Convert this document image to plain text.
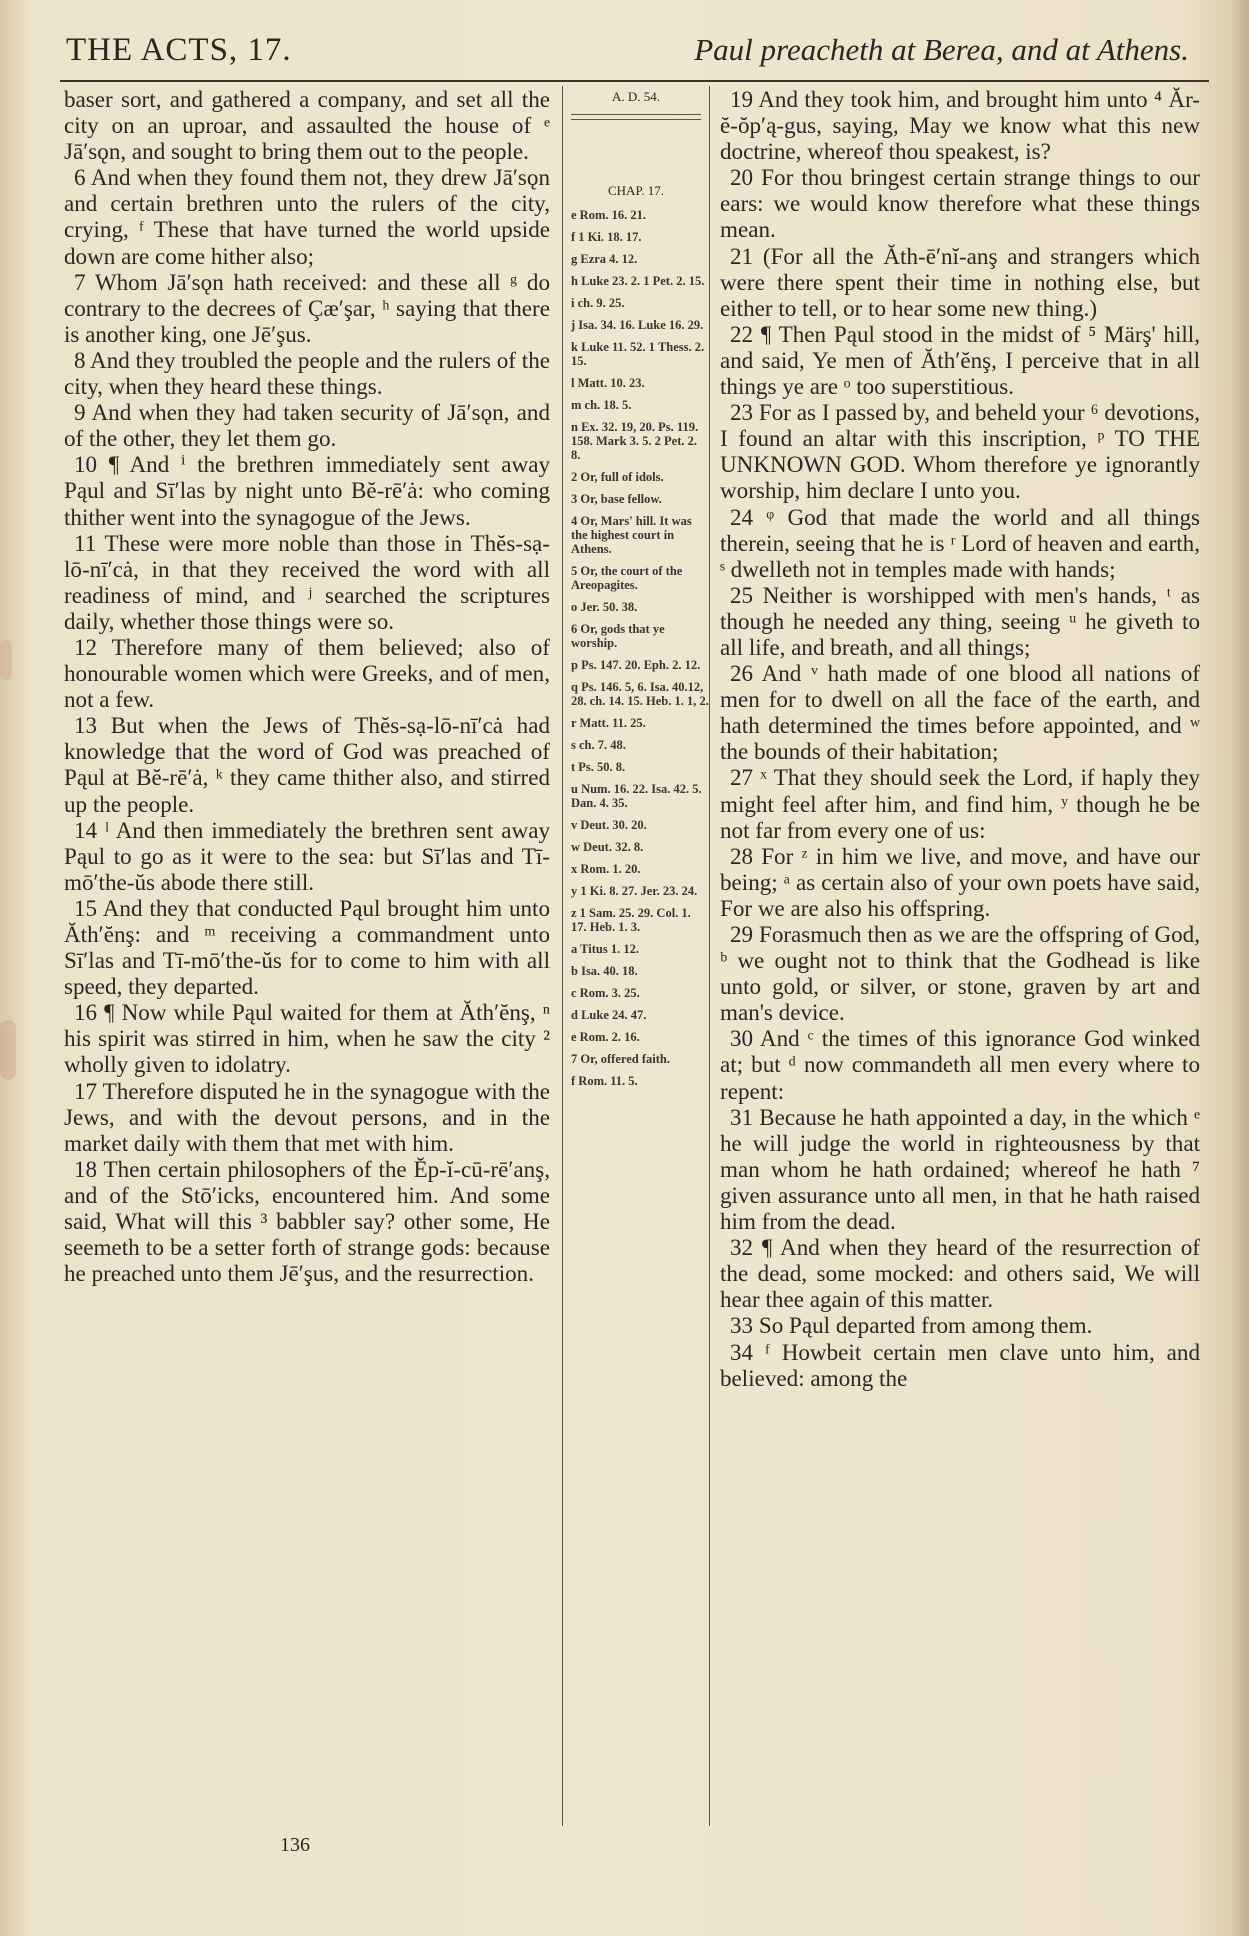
THE ACTS, 17.	Paul preacheth at Berea, and at Athens.

baser sort, and gathered a company, and set all the city on an uproar, and assaulted the house of ᵉ Jā′sǫn, and sought to bring them out to the people.

6 And when they found them not, they drew Jā′sǫn and certain brethren unto the rulers of the city, crying, ᶠ These that have turned the world upside down are come hither also;

7 Whom Jā′sǫn hath received: and these all ᵍ do contrary to the decrees of Çæ′şar, ʰ saying that there is another king, one Jē′şus.

8 And they troubled the people and the rulers of the city, when they heard these things.

9 And when they had taken security of Jā′sǫn, and of the other, they let them go.

10 ¶ And ⁱ the brethren immediately sent away Pąul and Sī′las by night unto Bĕ-rē′ȧ: who coming thither went into the synagogue of the Jews.

11 These were more noble than those in Thĕs-sạ-lō-nī′cȧ, in that they received the word with all readiness of mind, and ʲ searched the scriptures daily, whether those things were so.

12 Therefore many of them believed; also of honourable women which were Greeks, and of men, not a few.

13 But when the Jews of Thĕs-sạ-lō-nī′cȧ had knowledge that the word of God was preached of Pąul at Bĕ-rē′ȧ, ᵏ they came thither also, and stirred up the people.

14 ˡ And then immediately the brethren sent away Pąul to go as it were to the sea: but Sī′las and Tī-mō′the-ŭs abode there still.

15 And they that conducted Pąul brought him unto Ăth′ĕnş: and ᵐ receiving a commandment unto Sī′las and Tī-mō′the-ŭs for to come to him with all speed, they departed.

16 ¶ Now while Pąul waited for them at Ăth′ĕnş, ⁿ his spirit was stirred in him, when he saw the city ² wholly given to idolatry.

17 Therefore disputed he in the synagogue with the Jews, and with the devout persons, and in the market daily with them that met with him.

18 Then certain philosophers of the Ĕp-ĭ-cū-rē′anş, and of the Stō′icks, encountered him. And some said, What will this ³ babbler say? other some, He seemeth to be a setter forth of strange gods: because he preached unto them Jē′şus, and the resurrection.

A. D. 54.
CHAP. 17.
e Rom. 16. 21.
f 1 Ki. 18. 17.
g Ezra 4. 12.
h Luke 23. 2. 1 Pet. 2. 15.
i ch. 9. 25.
j Isa. 34. 16. Luke 16. 29.
k Luke 11. 52. 1 Thess. 2. 15.
l Matt. 10. 23.
m ch. 18. 5.
n Ex. 32. 19, 20. Ps. 119. 158. Mark 3. 5. 2 Pet. 2. 8.
2 Or, full of idols.
3 Or, base fellow.
4 Or, Mars' hill. It was the highest court in Athens.
5 Or, the court of the Areopagites.
o Jer. 50. 38.
6 Or, gods that ye worship.
p Ps. 147. 20. Eph. 2. 12.
q Ps. 146. 5, 6. Isa. 40.12, 28. ch. 14. 15. Heb. 1. 1, 2.
r Matt. 11. 25.
s ch. 7. 48.
t Ps. 50. 8.
u Num. 16. 22. Isa. 42. 5. Dan. 4. 35.
v Deut. 30. 20.
w Deut. 32. 8.
x Rom. 1. 20.
y 1 Ki. 8. 27. Jer. 23. 24.
z 1 Sam. 25. 29. Col. 1. 17. Heb. 1. 3.
a Titus 1. 12.
b Isa. 40. 18.
c Rom. 3. 25.
d Luke 24. 47.
e Rom. 2. 16.
7 Or, offered faith.
f Rom. 11. 5.

19 And they took him, and brought him unto ⁴ Ăr-ĕ-ŏp′ą-gus, saying, May we know what this new doctrine, whereof thou speakest, is?

20 For thou bringest certain strange things to our ears: we would know therefore what these things mean.

21 (For all the Ăth-ē′nĭ-anş and strangers which were there spent their time in nothing else, but either to tell, or to hear some new thing.)

22 ¶ Then Pąul stood in the midst of ⁵ Märş' hill, and said, Ye men of Ăth′ĕnş, I perceive that in all things ye are ᵒ too superstitious.

23 For as I passed by, and beheld your ⁶ devotions, I found an altar with this inscription, ᵖ TO THE UNKNOWN GOD. Whom therefore ye ignorantly worship, him declare I unto you.

24 ᵠ God that made the world and all things therein, seeing that he is ʳ Lord of heaven and earth, ˢ dwelleth not in temples made with hands;

25 Neither is worshipped with men's hands, ᵗ as though he needed any thing, seeing ᵘ he giveth to all life, and breath, and all things;

26 And ᵛ hath made of one blood all nations of men for to dwell on all the face of the earth, and hath determined the times before appointed, and ʷ the bounds of their habitation;

27 ˣ That they should seek the Lord, if haply they might feel after him, and find him, ʸ though he be not far from every one of us:

28 For ᶻ in him we live, and move, and have our being; ᵃ as certain also of your own poets have said, For we are also his offspring.

29 Forasmuch then as we are the offspring of God, ᵇ we ought not to think that the Godhead is like unto gold, or silver, or stone, graven by art and man's device.

30 And ᶜ the times of this ignorance God winked at; but ᵈ now commandeth all men every where to repent:

31 Because he hath appointed a day, in the which ᵉ he will judge the world in righteousness by that man whom he hath ordained; whereof he hath ⁷ given assurance unto all men, in that he hath raised him from the dead.

32 ¶ And when they heard of the resurrection of the dead, some mocked: and others said, We will hear thee again of this matter.

33 So Pąul departed from among them.

34 ᶠ Howbeit certain men clave unto him, and believed: among the

136
